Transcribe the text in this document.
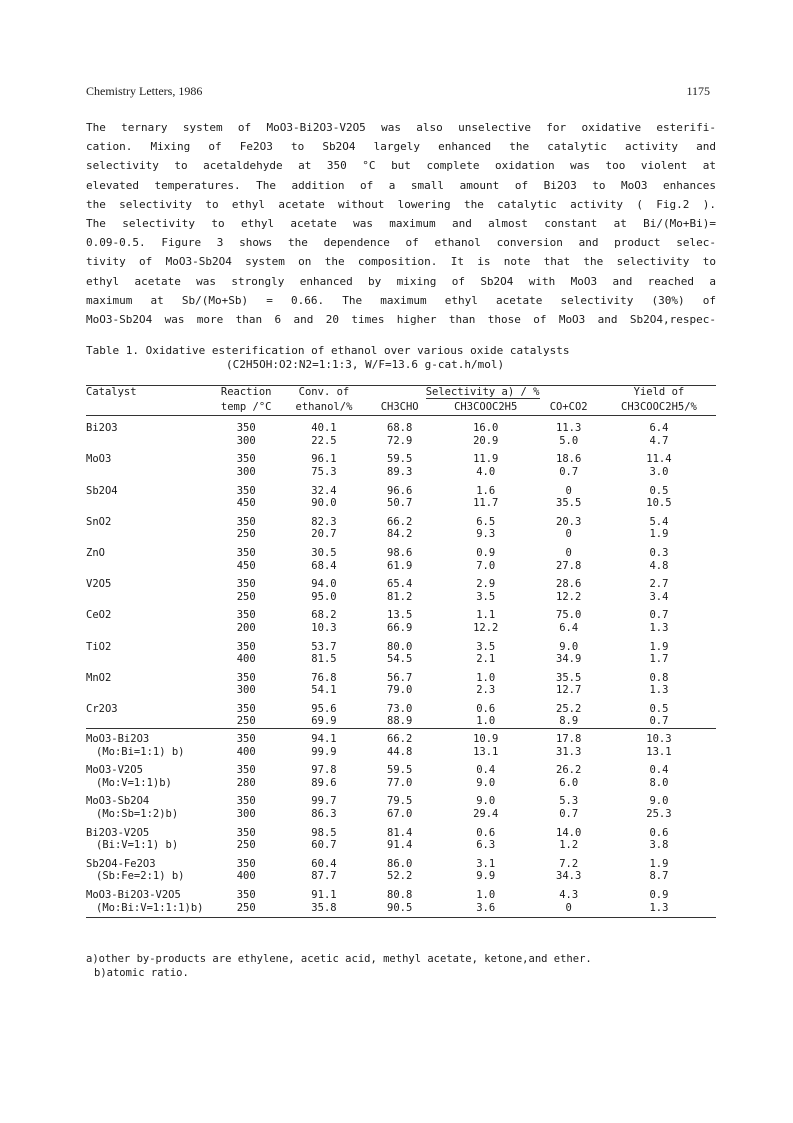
Chemistry Letters, 1986	1175
The ternary system of MoO3-Bi2O3-V2O5 was also unselective for oxidative esterifi-
cation. Mixing of Fe2O3 to Sb2O4 largely enhanced the catalytic activity and
selectivity to acetaldehyde at 350 °C but complete oxidation was too violent at
elevated temperatures. The addition of a small amount of Bi2O3 to MoO3 enhances
the selectivity to ethyl acetate without lowering the catalytic activity ( Fig.2 ).
The selectivity to ethyl acetate was maximum and almost constant at Bi/(Mo+Bi)=
0.09-0.5. Figure 3 shows the dependence of ethanol conversion and product selec-
tivity of MoO3-Sb2O4 system on the composition. It is note that the selectivity to
ethyl acetate was strongly enhanced by mixing of Sb2O4 with MoO3 and reached a
maximum at Sb/(Mo+Sb) = 0.66. The maximum ethyl acetate selectivity (30%) of
MoO3-Sb2O4 was more than 6 and 20 times higher than those of MoO3 and Sb2O4,respec-
Table 1. Oxidative esterification of ethanol over various oxide catalysts
(C2H5OH:O2:N2=1:1:3, W/F=13.6 g-cat.h/mol)
Catalyst	Reaction	Conv. of	Selectivity a) / %			Yield of
	temp /°C	ethanol/%	CH3CHO	CH3COOC2H5	CO+CO2	CH3COOC2H5/%
Bi2O3	350	40.1	68.8	16.0	11.3	6.4
	300	22.5	72.9	20.9	5.0	4.7
MoO3	350	96.1	59.5	11.9	18.6	11.4
	300	75.3	89.3	4.0	0.7	3.0
Sb2O4	350	32.4	96.6	1.6	0	0.5
	450	90.0	50.7	11.7	35.5	10.5
SnO2	350	82.3	66.2	6.5	20.3	5.4
	250	20.7	84.2	9.3	0	1.9
ZnO	350	30.5	98.6	0.9	0	0.3
	450	68.4	61.9	7.0	27.8	4.8
V2O5	350	94.0	65.4	2.9	28.6	2.7
	250	95.0	81.2	3.5	12.2	3.4
CeO2	350	68.2	13.5	1.1	75.0	0.7
	200	10.3	66.9	12.2	6.4	1.3
TiO2	350	53.7	80.0	3.5	9.0	1.9
	400	81.5	54.5	2.1	34.9	1.7
MnO2	350	76.8	56.7	1.0	35.5	0.8
	300	54.1	79.0	2.3	12.7	1.3
Cr2O3	350	95.6	73.0	0.6	25.2	0.5
	250	69.9	88.9	1.0	8.9	0.7
MoO3-Bi2O3	350	94.1	66.2	10.9	17.8	10.3

(Mo:Bi=1:1) b)	400	99.9	44.8	13.1	31.3	13.1
MoO3-V2O5	350	97.8	59.5	0.4	26.2	0.4

(Mo:V=1:1)b)	280	89.6	77.0	9.0	6.0	8.0
MoO3-Sb2O4	350	99.7	79.5	9.0	5.3	9.0

(Mo:Sb=1:2)b)	300	86.3	67.0	29.4	0.7	25.3
Bi2O3-V2O5	350	98.5	81.4	0.6	14.0	0.6

(Bi:V=1:1) b)	250	60.7	91.4	6.3	1.2	3.8
Sb2O4-Fe2O3	350	60.4	86.0	3.1	7.2	1.9

(Sb:Fe=2:1) b)	400	87.7	52.2	9.9	34.3	8.7
MoO3-Bi2O3-V2O5	350	91.1	80.8	1.0	4.3	0.9

(Mo:Bi:V=1:1:1)b)	250	35.8	90.5	3.6	0	1.3
a)other by-products are ethylene, acetic acid, methyl acetate, ketone,and ether.
b)atomic ratio.
